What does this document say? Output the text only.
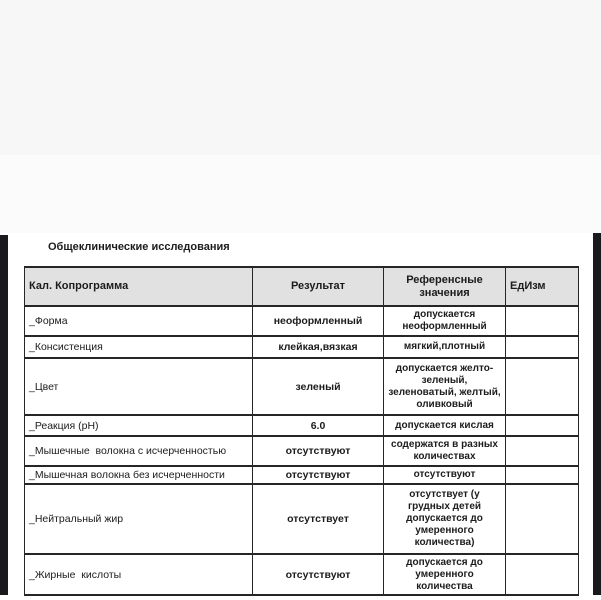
Общеклинические исследования
Кал. Копрограмма	Результат	Референсные значения	ЕдИзм
_Форма	неоформленный	допускается неоформленный	
_Консистенция	клейкая,вязкая	мягкий,плотный	
_Цвет	зеленый	допускается желто-зеленый, зеленоватый, желтый, оливковый	
_Реакция (pH)	6.0	допускается кислая	
_Мышечные  волокна с исчерченностью	отсутствуют	содержатся в разных количествах	
_Мышечная волокна без исчерченности	отсутствуют	отсутствуют	
_Нейтральный жир	отсутствует	отсутствует (у грудных детей допускается до умеренного количества)	
_Жирные  кислоты	отсутствуют	допускается до умеренного количества	
